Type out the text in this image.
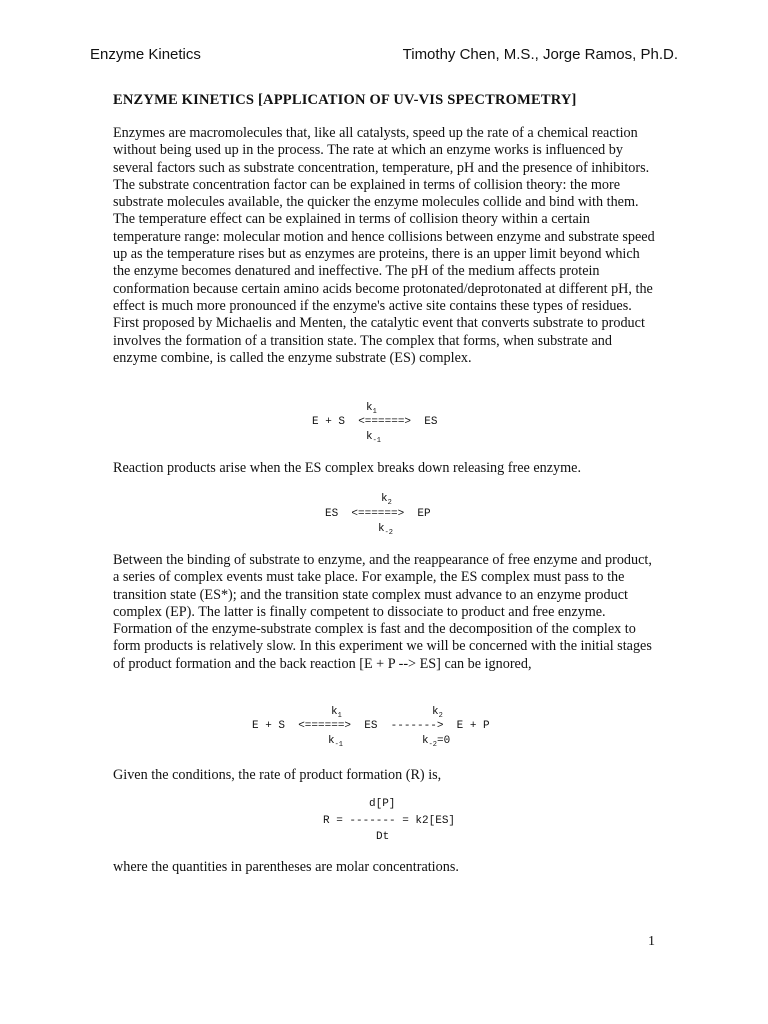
Enzyme Kinetics	Timothy Chen, M.S., Jorge Ramos, Ph.D.
ENZYME KINETICS [APPLICATION OF UV-VIS SPECTROMETRY]

Enzymes are macromolecules that, like all catalysts, speed up the rate of a chemical reaction without being used up in the process. The rate at which an enzyme works is influenced by several factors such as substrate concentration, temperature, pH and the presence of inhibitors. The substrate concentration factor can be explained in terms of collision theory: the more substrate molecules available, the quicker the enzyme molecules collide and bind with them. The temperature effect can be explained in terms of collision theory within a certain temperature range: molecular motion and hence collisions between enzyme and substrate speed up as the temperature rises but as enzymes are proteins, there is an upper limit beyond which the enzyme becomes denatured and ineffective. The pH of the medium affects protein conformation because certain amino acids become protonated/deprotonated at different pH, the effect is much more pronounced if the enzyme's active site contains these types of residues.

First proposed by Michaelis and Menten, the catalytic event that converts substrate to product involves the formation of a transition state. The complex that forms, when substrate and enzyme combine, is called the enzyme substrate (ES) complex.

$k_1$
E + S  <======>  ES
$k_{-1}$
Reaction products arise when the ES complex breaks down releasing free enzyme.
$k_2$
ES  <======>  EP
$k_{-2}$

Between the binding of substrate to enzyme, and the reappearance of free enzyme and product, a series of complex events must take place. For example, the ES complex must pass to the transition state (ES*); and the transition state complex must advance to an enzyme product complex (EP). The latter is finally competent to dissociate to product and free enzyme.

Formation of the enzyme-substrate complex is fast and the decomposition of the complex to form products is relatively slow. In this experiment we will be concerned with the initial stages of product formation and the back reaction [E + P --> ES] can be ignored,

$k_1$	$k_2$
E + S  <======>  ES  ------->  E + P
$k_{-1}$	$k_{-2}=0$
Given the conditions, the rate of product formation (R) is,
d[P]
R = ------- = k2[ES]
Dt
where the quantities in parentheses are molar concentrations.
1
